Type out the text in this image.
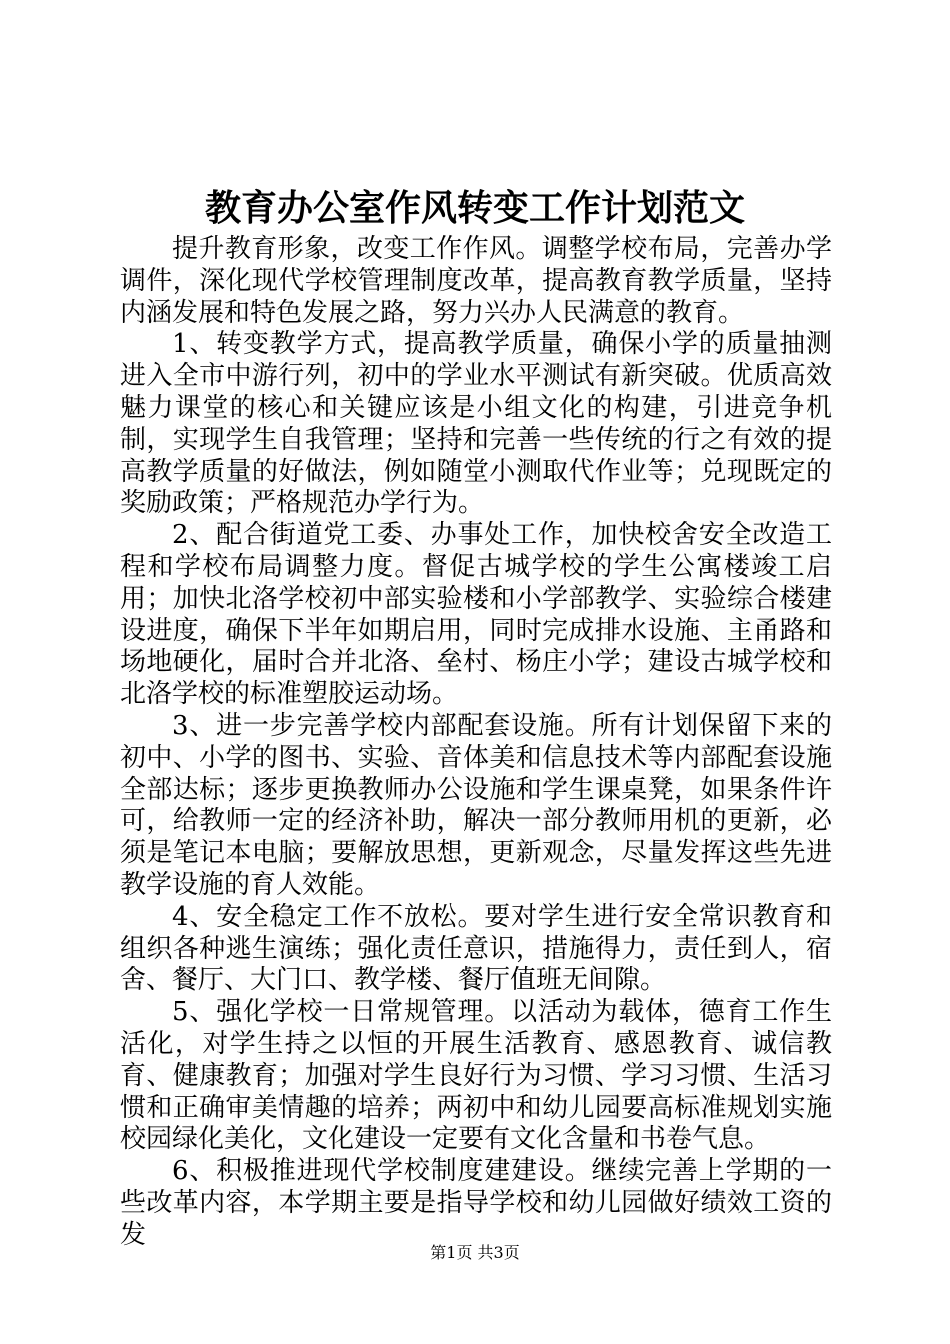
教育办公室作风转变工作计划范文

提升教育形象，改变工作作风。调整学校布局，完善办学调件，深化现代学校管理制度改革，提高教育教学质量，坚持内涵发展和特色发展之路，努力兴办人民满意的教育。

1、转变教学方式，提高教学质量，确保小学的质量抽测进入全市中游行列，初中的学业水平测试有新突破。优质高效魅力课堂的核心和关键应该是小组文化的构建，引进竞争机制，实现学生自我管理；坚持和完善一些传统的行之有效的提高教学质量的好做法，例如随堂小测取代作业等；兑现既定的奖励政策；严格规范办学行为。

2、配合街道党工委、办事处工作，加快校舍安全改造工程和学校布局调整力度。督促古城学校的学生公寓楼竣工启用；加快北洛学校初中部实验楼和小学部教学、实验综合楼建设进度，确保下半年如期启用，同时完成排水设施、主甬路和场地硬化，届时合并北洛、垒村、杨庄小学；建设古城学校和北洛学校的标准塑胶运动场。

3、进一步完善学校内部配套设施。所有计划保留下来的初中、小学的图书、实验、音体美和信息技术等内部配套设施全部达标；逐步更换教师办公设施和学生课桌凳，如果条件许可，给教师一定的经济补助，解决一部分教师用机的更新，必须是笔记本电脑；要解放思想，更新观念，尽量发挥这些先进教学设施的育人效能。

4、安全稳定工作不放松。要对学生进行安全常识教育和组织各种逃生演练；强化责任意识，措施得力，责任到人，宿舍、餐厅、大门口、教学楼、餐厅值班无间隙。

5、强化学校一日常规管理。以活动为载体，德育工作生活化，对学生持之以恒的开展生活教育、感恩教育、诚信教育、健康教育；加强对学生良好行为习惯、学习习惯、生活习惯和正确审美情趣的培养；两初中和幼儿园要高标准规划实施校园绿化美化，文化建设一定要有文化含量和书卷气息。

6、积极推进现代学校制度建建设。继续完善上学期的一些改革内容，本学期主要是指导学校和幼儿园做好绩效工资的发

第1页 共3页
